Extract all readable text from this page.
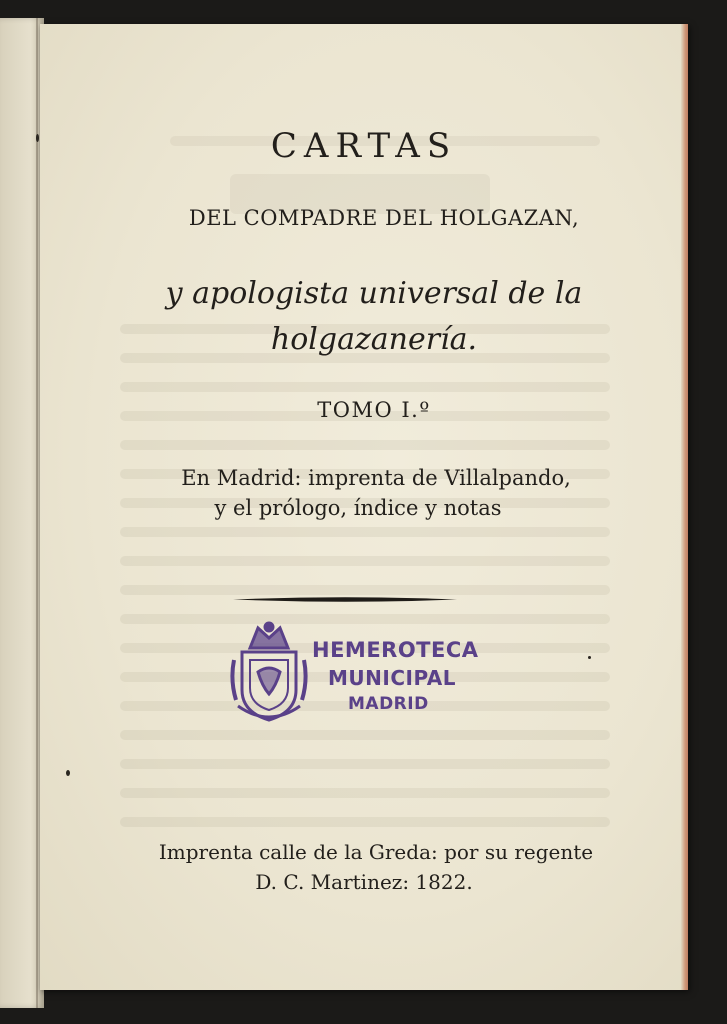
CARTAS
DEL COMPADRE DEL HOLGAZAN,
y apologista universal de la
holgazanería.
TOMO I.º
En Madrid: imprenta de Villalpando,
y el prólogo, índice y notas
HEMEROTECA
MUNICIPAL
MADRID
Imprenta calle de la Greda: por su regente
D. C. Martinez: 1822.
